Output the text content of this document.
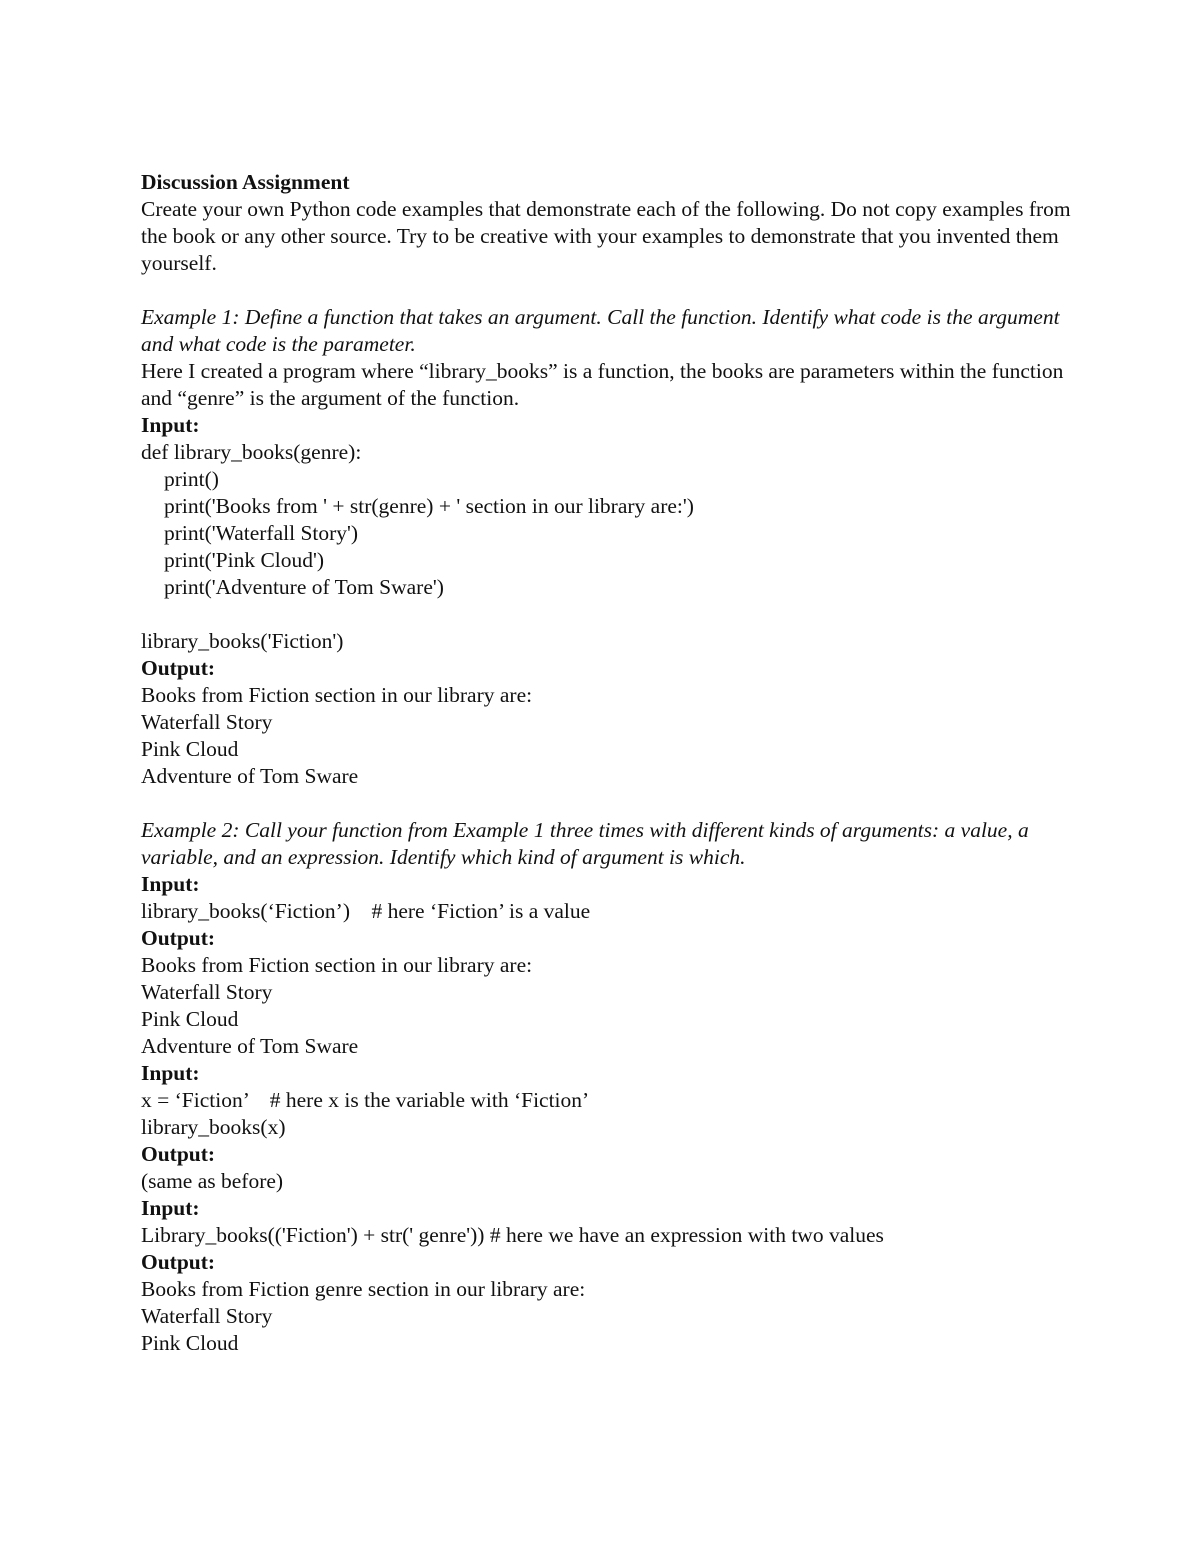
Discussion Assignment
Create your own Python code examples that demonstrate each of the following. Do not copy examples from the book or any other source. Try to be creative with your examples to demonstrate that you invented them yourself.
Example 1: Define a function that takes an argument. Call the function. Identify what code is the argument and what code is the parameter.
Here I created a program where “library_books” is a function, the books are parameters within the function and “genre” is the argument of the function.
Input:
def library_books(genre):
print()
print('Books from ' + str(genre) + ' section in our library are:')
print('Waterfall Story')
print('Pink Cloud')
print('Adventure of Tom Sware')
library_books('Fiction')
Output:
Books from Fiction section in our library are:
Waterfall Story
Pink Cloud
Adventure of Tom Sware
Example 2: Call your function from Example 1 three times with different kinds of arguments: a value, a variable, and an expression. Identify which kind of argument is which.
Input:
library_books(‘Fiction’)    # here ‘Fiction’ is a value
Output:
Books from Fiction section in our library are:
Waterfall Story
Pink Cloud
Adventure of Tom Sware
Input:
x = ‘Fiction’    # here x is the variable with ‘Fiction’
library_books(x)
Output:
(same as before)
Input:
Library_books(('Fiction') + str(' genre')) # here we have an expression with two values
Output:
Books from Fiction genre section in our library are:
Waterfall Story
Pink Cloud
